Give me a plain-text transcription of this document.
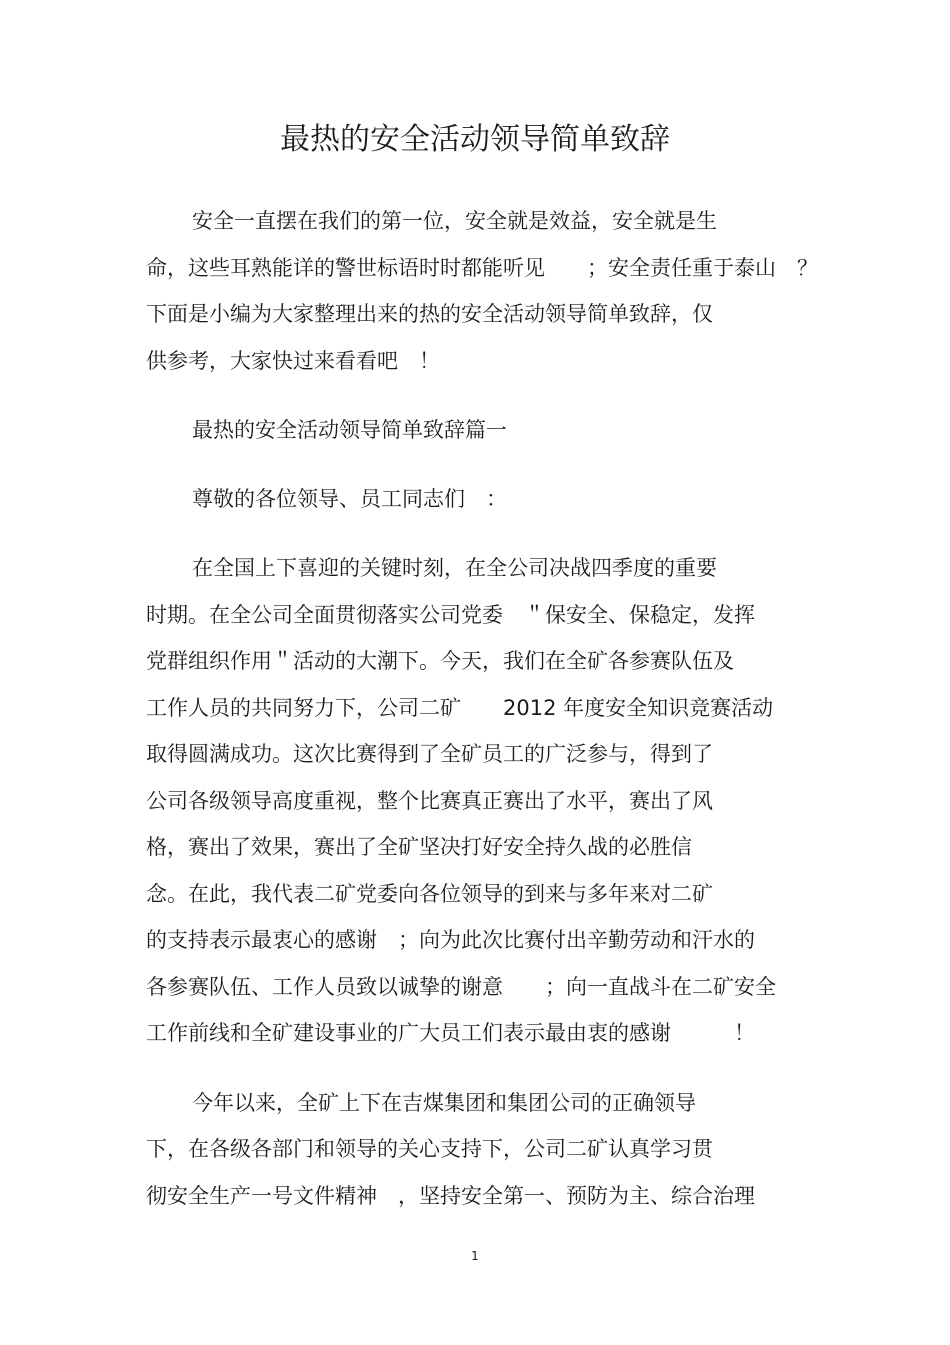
最热的安全活动领导简单致辞

安全一直摆在我们的第一位，安全就是效益，安全就是生

命，这些耳熟能详的警世标语时时都能听见　　；安全责任重于泰山　？

下面是小编为大家整理出来的热的安全活动领导简单致辞，仅

供参考，大家快过来看看吧　！

最热的安全活动领导简单致辞篇一

尊敬的各位领导、员工同志们　：

在全国上下喜迎的关键时刻，在全公司决战四季度的重要

时期。在全公司全面贯彻落实公司党委　＂保安全、保稳定，发挥

党群组织作用＂活动的大潮下。今天，我们在全矿各参赛队伍及

工作人员的共同努力下，公司二矿　　2012 年度安全知识竞赛活动

取得圆满成功。这次比赛得到了全矿员工的广泛参与，得到了

公司各级领导高度重视，整个比赛真正赛出了水平，赛出了风

格，赛出了效果，赛出了全矿坚决打好安全持久战的必胜信

念。在此，我代表二矿党委向各位领导的到来与多年来对二矿

的支持表示最衷心的感谢　；向为此次比赛付出辛勤劳动和汗水的

各参赛队伍、工作人员致以诚挚的谢意　　；向一直战斗在二矿安全

工作前线和全矿建设事业的广大员工们表示最由衷的感谢　　　！

今年以来，全矿上下在吉煤集团和集团公司的正确领导

下，在各级各部门和领导的关心支持下，公司二矿认真学习贯

彻安全生产一号文件精神　，坚持安全第一、预防为主、综合治理

1
